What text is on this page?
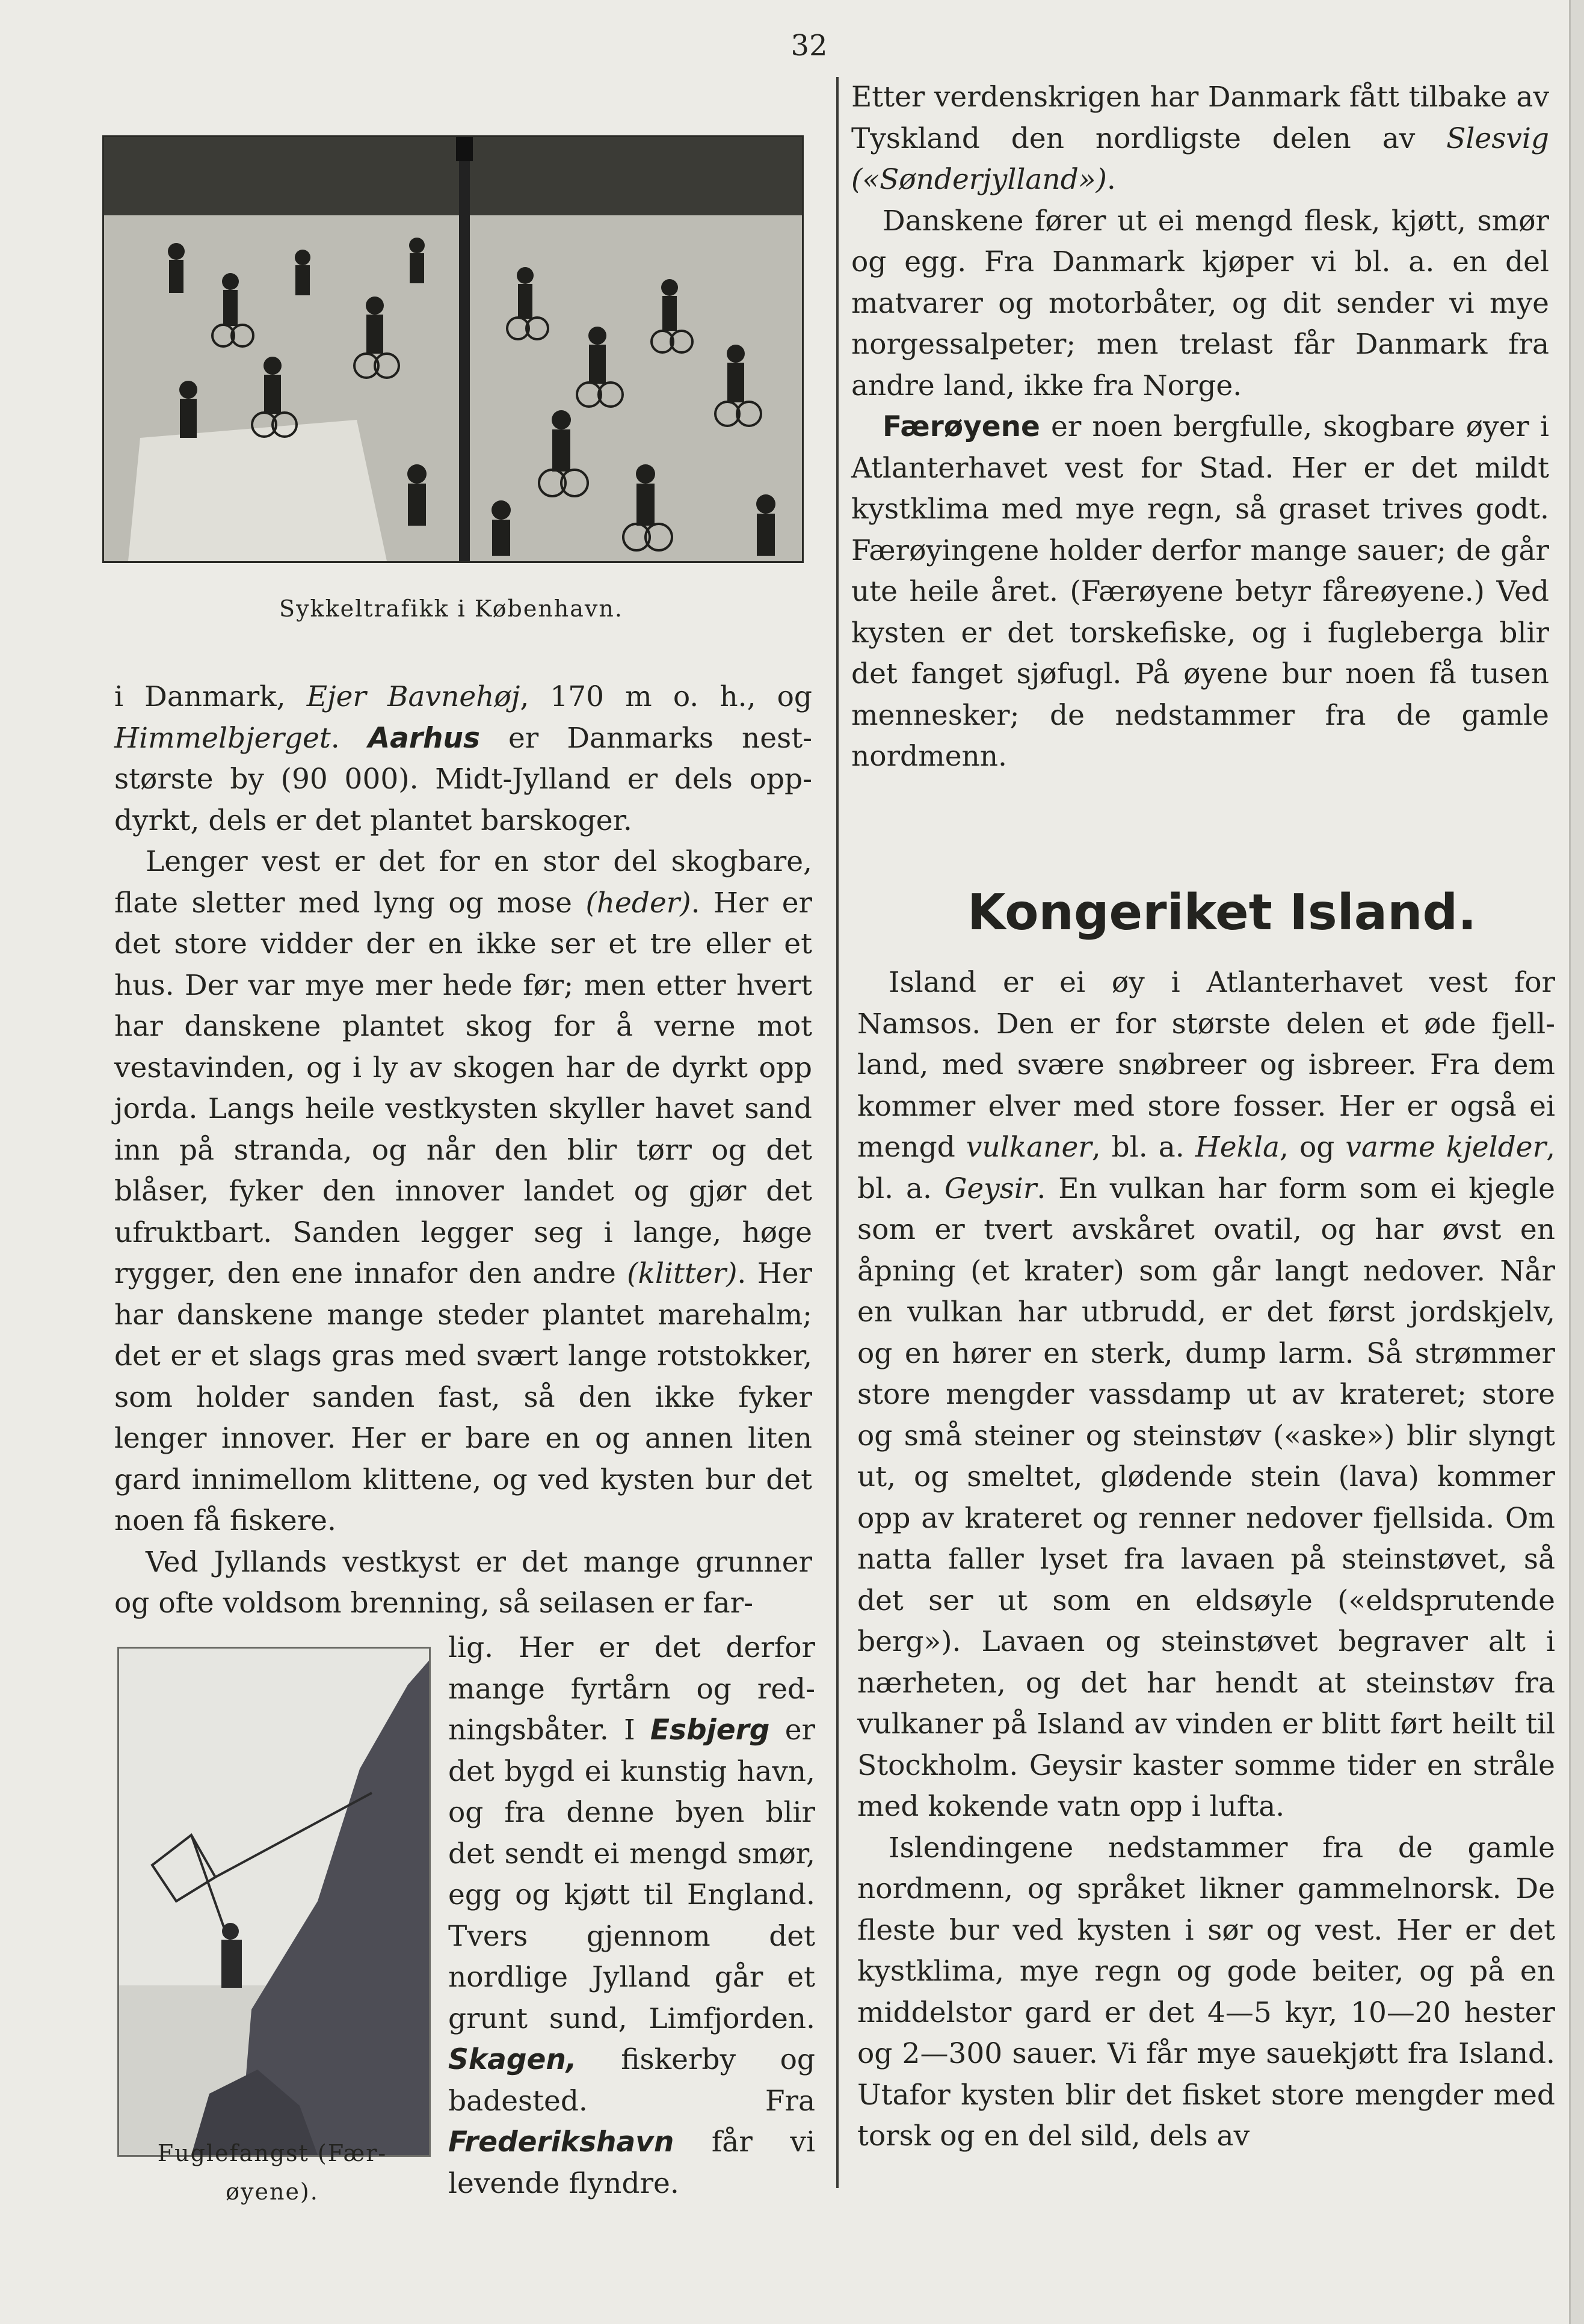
32
Sykkeltrafikk i København.
Fuglefangst (Fær-
øyene).

i Danmark, Ejer Bavnehøj, 170 m o. h., og Himmelbjerget. Aarhus er Danmarks neststørste by (90 000). Midt-Jylland er dels oppdyrkt, dels er det plantet barskoger.

Lenger vest er det for en stor del skogbare, flate sletter med lyng og mose (heder). Her er det store vidder der en ikke ser et tre eller et hus. Der var mye mer hede før; men etter hvert har danskene plantet skog for å verne mot vestavinden, og i ly av skogen har de dyrkt opp jorda. Langs heile vestkysten skyller havet sand inn på stranda, og når den blir tørr og det blåser, fyker den innover landet og gjør det ufruktbart. Sanden legger seg i lange, høge rygger, den ene innafor den andre (klitter). Her har danskene mange steder plantet marehalm; det er et slags gras med svært lange rotstokker, som holder sanden fast, så den ikke fyker lenger innover. Her er bare en og annen liten gard innimellom klittene, og ved kysten bur det noen få fiskere.

Ved Jyllands vestkyst er det mange grunner og ofte voldsom brenning, så seilasen er far-

lig. Her er det derfor mange fyrtårn og redningsbåter. I Esbjerg er det bygd ei kunstig havn, og fra denne byen blir det sendt ei mengd smør, egg og kjøtt til England. Tvers gjennom det nordlige Jylland går et grunt sund, Limfjorden. Skagen, fiskerby og badested. Fra Frederikshavn får vi levende flyndre.

Etter verdenskrigen har Danmark fått tilbake av Tyskland den nordligste delen av Slesvig («Sønderjylland»).

Danskene fører ut ei mengd flesk, kjøtt, smør og egg. Fra Danmark kjøper vi bl. a. en del matvarer og motorbåter, og dit sender vi mye norgessalpeter; men trelast får Danmark fra andre land, ikke fra Norge.

Færøyene er noen bergfulle, skogbare øyer i Atlanterhavet vest for Stad. Her er det mildt kystklima med mye regn, så graset trives godt. Færøyingene holder derfor mange sauer; de går ute heile året. (Færøyene betyr fåreøyene.) Ved kysten er det torskefiske, og i fugleberga blir det fanget sjøfugl. På øyene bur noen få tusen mennesker; de nedstammer fra de gamle nordmenn.

Kongeriket Island.

Island er ei øy i Atlanterhavet vest for Namsos. Den er for største delen et øde fjellland, med svære snøbreer og isbreer. Fra dem kommer elver med store fosser. Her er også ei mengd vulkaner, bl. a. Hekla, og varme kjelder, bl. a. Geysir. En vulkan har form som ei kjegle som er tvert avskåret ovatil, og har øvst en åpning (et krater) som går langt nedover. Når en vulkan har utbrudd, er det først jordskjelv, og en hører en sterk, dump larm. Så strømmer store mengder vassdamp ut av krateret; store og små steiner og steinstøv («aske») blir slyngt ut, og smeltet, glødende stein (lava) kommer opp av krateret og renner nedover fjellsida. Om natta faller lyset fra lavaen på steinstøvet, så det ser ut som en eldsøyle («eldsprutende berg»). Lavaen og steinstøvet begraver alt i nærheten, og det har hendt at steinstøv fra vulkaner på Island av vinden er blitt ført heilt til Stockholm. Geysir kaster somme tider en stråle med kokende vatn opp i lufta.

Islendingene nedstammer fra de gamle nordmenn, og språket likner gammelnorsk. De fleste bur ved kysten i sør og vest. Her er det kystklima, mye regn og gode beiter, og på en middelstor gard er det 4—5 kyr, 10—20 hester og 2—300 sauer. Vi får mye sauekjøtt fra Island. Utafor kysten blir det fisket store mengder med torsk og en del sild, dels av
